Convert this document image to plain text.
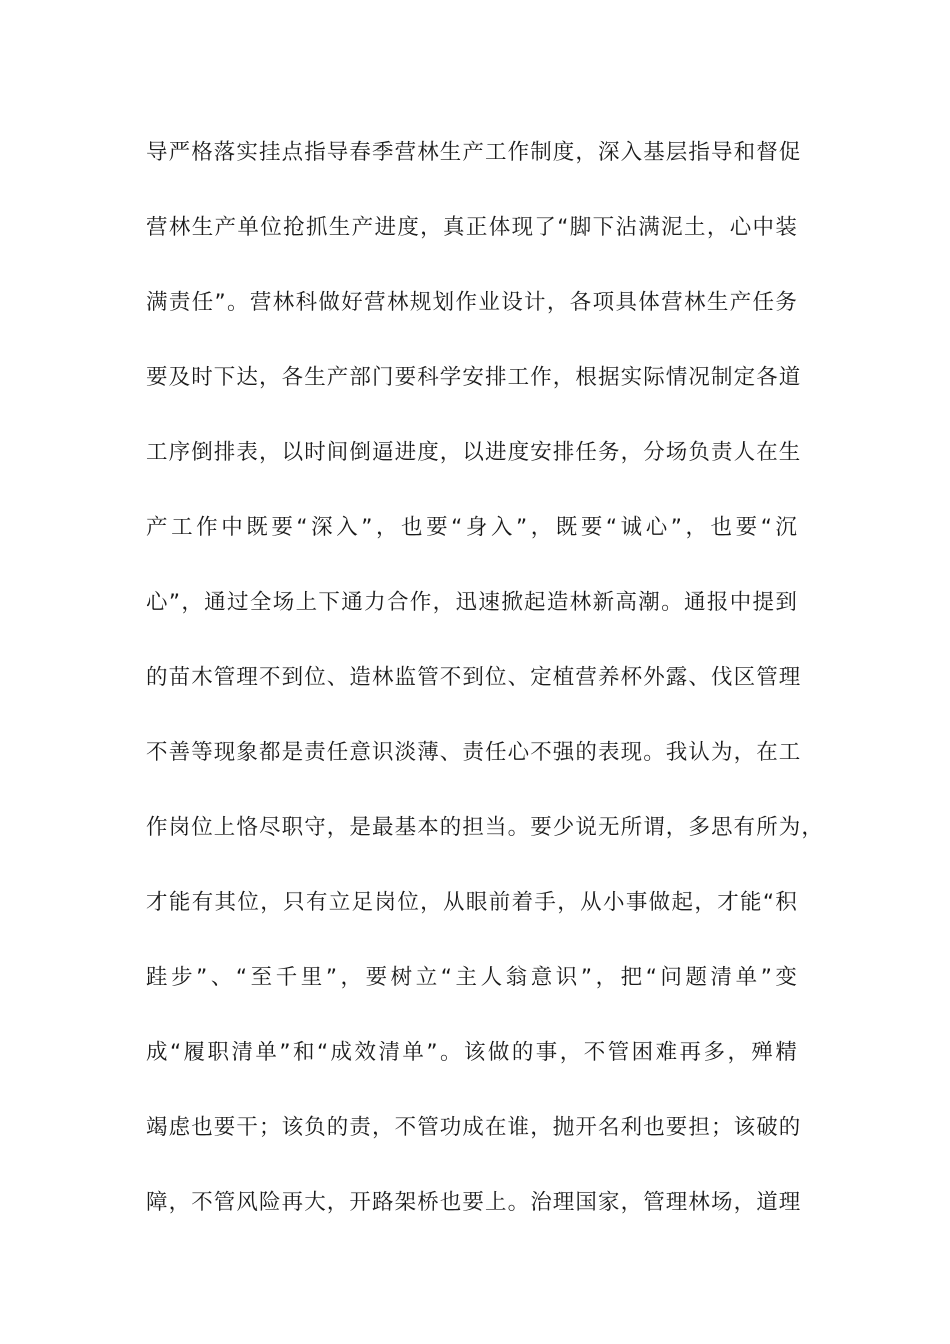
导严格落实挂点指导春季营林生产工作制度，深入基层指导和督促
营林生产单位抢抓生产进度，真正体现了“脚下沾满泥土，心中装
满责任”。营林科做好营林规划作业设计，各项具体营林生产任务
要及时下达，各生产部门要科学安排工作，根据实际情况制定各道
工序倒排表，以时间倒逼进度，以进度安排任务，分场负责人在生
产工作中既要“深入”，也要“身入”，既要“诚心”，也要“沉
心”，通过全场上下通力合作，迅速掀起造林新高潮。通报中提到
的苗木管理不到位、造林监管不到位、定植营养杯外露、伐区管理
不善等现象都是责任意识淡薄、责任心不强的表现。我认为，在工
作岗位上恪尽职守，是最基本的担当。要少说无所谓，多思有所为，
才能有其位，只有立足岗位，从眼前着手，从小事做起，才能“积
跬步”、“至千里”，要树立“主人翁意识”，把“问题清单”变
成“履职清单”和“成效清单”。该做的事，不管困难再多，殚精
竭虑也要干；该负的责，不管功成在谁，抛开名利也要担；该破的
障，不管风险再大，开路架桥也要上。治理国家，管理林场，道理
